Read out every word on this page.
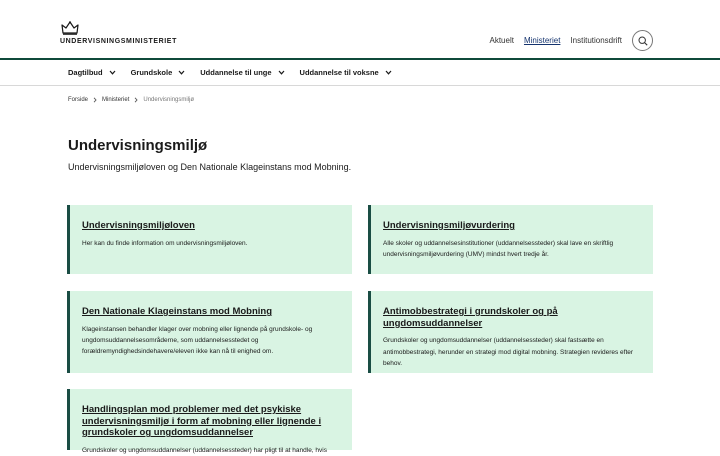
UNDERVISNINGSMINISTERIET	Aktuelt Ministeriet Institutionsdrift
Dagtilbud	Grundskole	Uddannelse til unge	Uddannelse til voksne
Forside Ministeriet Undervisningsmiljø
Undervisningsmiljø

Undervisningsmiljøloven og Den Nationale Klageinstans mod Mobning.

Undervisningsmiljøloven

Her kan du finde information om undervisningsmiljøloven.

Undervisningsmiljøvurdering

Alle skoler og uddannelsesinstitutioner (uddannelsessteder) skal lave en skriftlig undervisningsmiljøvurdering (UMV) mindst hvert tredje år.

Den Nationale Klageinstans mod Mobning

Klageinstansen behandler klager over mobning eller lignende på grundskole- og ungdomsuddannelsesområderne, som uddannelsesstedet og forældremyndighedsindehavere/eleven ikke kan nå til enighed om.

Antimobbestrategi i grundskoler og på ungdomsuddannelser

Grundskoler og ungdomsuddannelser (uddannelsessteder) skal fastsætte en antimobbestrategi, herunder en strategi mod digital mobning. Strategien revideres efter behov.

Handlingsplan mod problemer med det psykiske undervisningsmiljø i form af mobning eller lignende i grundskoler og ungdomsuddannelser

Grundskoler og ungdomsuddannelser (uddannelsessteder) har pligt til at handle, hvis
